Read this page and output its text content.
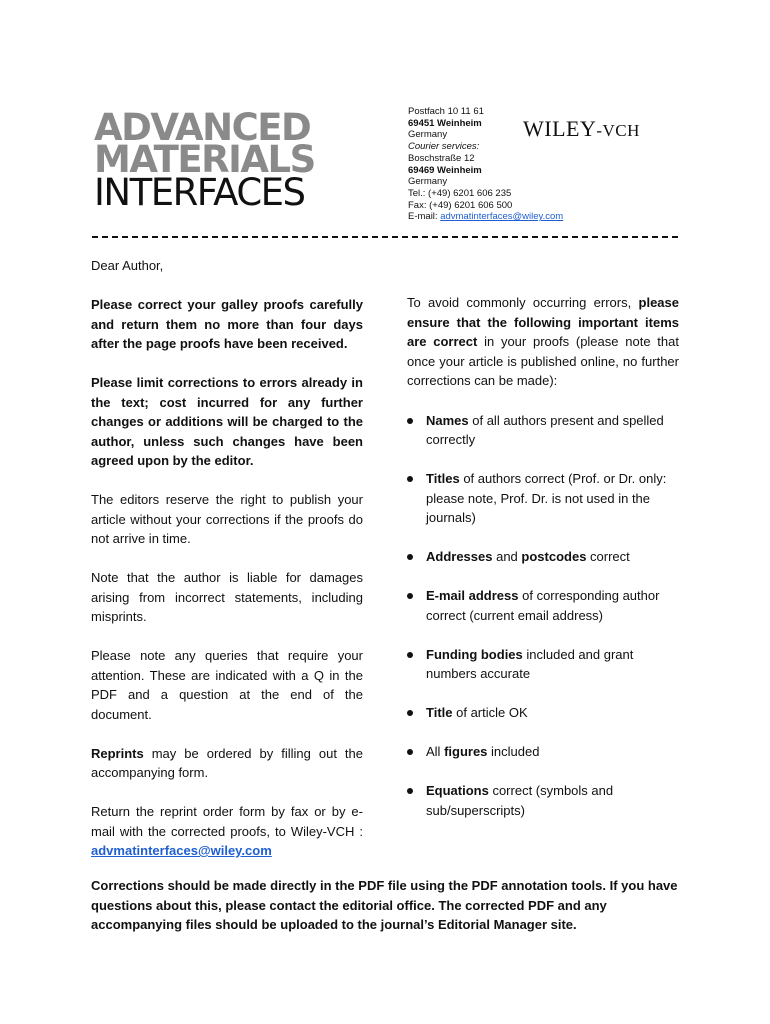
ADVANCED
MATERIALS
INTERFACES
Postfach 10 11 61
69451 Weinheim
Germany
Courier services:
Boschstraße 12
69469 Weinheim
Germany
Tel.: (+49) 6201 606 235
Fax: (+49) 6201 606 500
E-mail: advmatinterfaces@wiley.com
WILEY-VCH

Dear Author,

Please correct your galley proofs carefully and return them no more than four days after the page proofs have been received.

Please limit corrections to errors already in the text; cost incurred for any further changes or additions will be charged to the author, unless such changes have been agreed upon by the editor.

The editors reserve the right to publish your article without your corrections if the proofs do not arrive in time.

Note that the author is liable for damages arising from incorrect statements, including misprints.

Please note any queries that require your attention. These are indicated with a Q in the PDF and a question at the end of the document.

Reprints may be ordered by filling out the accompanying form.

Return the reprint order form by fax or by e-mail with the corrected proofs, to Wiley-VCH : advmatinterfaces@wiley.com

To avoid commonly occurring errors, please ensure that the following important items are correct in your proofs (please note that once your article is published online, no further corrections can be made):

Names of all authors present and spelled correctly
Titles of authors correct (Prof. or Dr. only: please note, Prof. Dr. is not used in the journals)
Addresses and postcodes correct
E-mail address of corresponding author correct (current email address)
Funding bodies included and grant numbers accurate
Title of article OK
All figures included
Equations correct (symbols and sub/superscripts)
Corrections should be made directly in the PDF file using the PDF annotation tools. If you have questions about this, please contact the editorial office. The corrected PDF and any accompanying files should be uploaded to the journal’s Editorial Manager site.
